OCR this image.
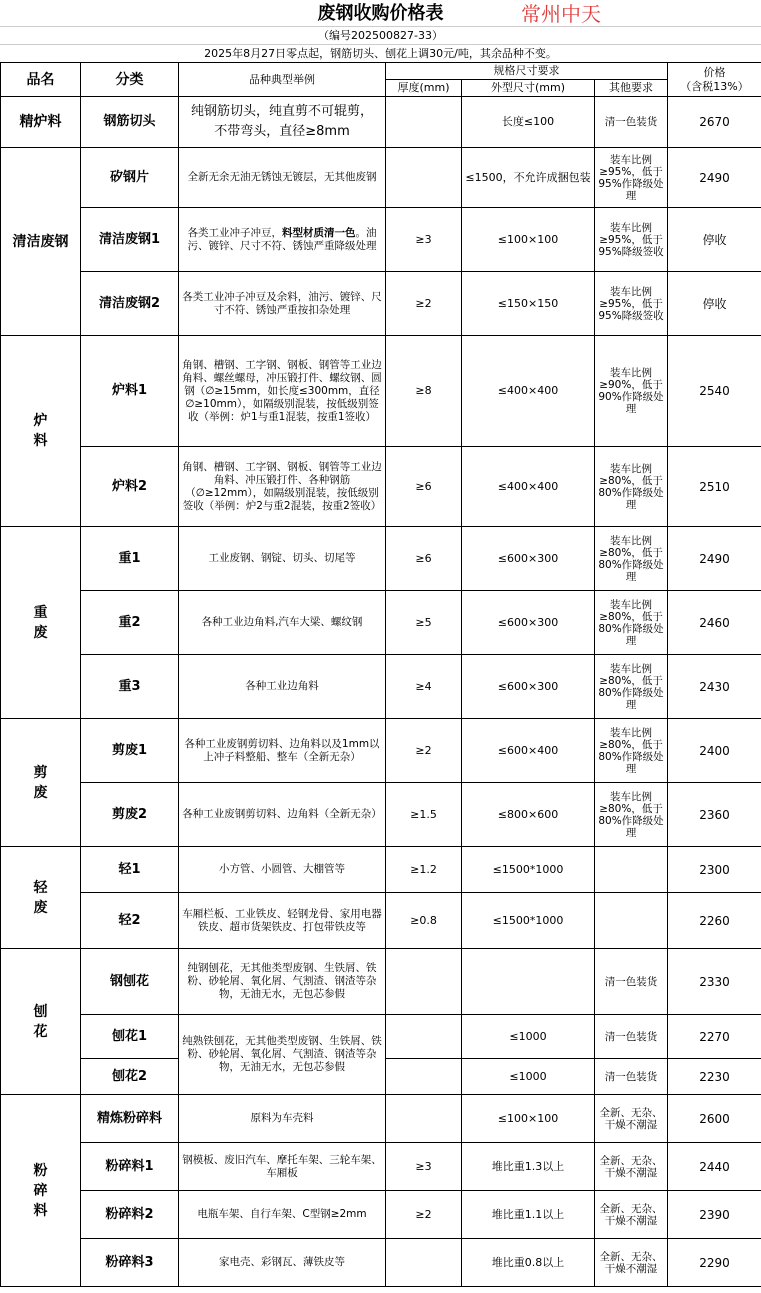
废钢收购价格表	常州中天
（编号202500827-33）
2025年8月27日零点起，钢筋切头、刨花上调30元/吨，其余品种不变。
品名	分类	品种典型举例	规格尺寸要求			价格
（含税13%）

			厚度(mm)	外型尺寸(mm)	其他要求	
精炉料	钢筋切头	纯钢筋切头，纯直剪不可辊剪，不带弯头，直径≥8mm		长度≤100	清一色装货	2670
清洁废钢	矽钢片	全新无余无油无锈蚀无镀层，无其他废钢		≤1500，不允许成捆包装	装车比例≥95%，低于95%作降级处理	2490
	清洁废钢1	各类工业冲子冲豆，料型材质清一色。油污、镀锌、尺寸不符、锈蚀严重降级处理	≥3	≤100×100	装车比例≥95%，低于95%降级签收	停收
	清洁废钢2	各类工业冲子冲豆及余料，油污、镀锌、尺寸不符、锈蚀严重按扣杂处理	≥2	≤150×150	装车比例≥95%，低于95%降级签收	停收

炉料	炉料1	角钢、槽钢、工字钢、钢板、钢管等工业边角料、螺丝螺母，冲压锻打件、螺纹钢、圆钢（∅≥15mm，如长度≤300mm，直径∅≥10mm），如隔级别混装，按低级别签收（举例：炉1与重1混装，按重1签收）	≥8	≤400×400	装车比例≥90%，低于90%作降级处理	2540
	炉料2	角钢、槽钢、工字钢、钢板、钢管等工业边角料、冲压锻打件、各种钢筋（∅≥12mm），如隔级别混装，按低级别签收（举例：炉2与重2混装，按重2签收）	≥6	≤400×400	装车比例≥80%，低于80%作降级处理	2510

重废	重1	工业废钢、钢锭、切头、切尾等	≥6	≤600×300	装车比例≥80%，低于80%作降级处理	2490
	重2	各种工业边角料,汽车大梁、螺纹钢	≥5	≤600×300	装车比例≥80%，低于80%作降级处理	2460
	重3	各种工业边角料	≥4	≤600×300	装车比例≥80%，低于80%作降级处理	2430

剪废	剪废1	各种工业废钢剪切料、边角料以及1mm以上冲子料整船、整车（全新无杂）	≥2	≤600×400	装车比例≥80%，低于80%作降级处理	2400
	剪废2	各种工业废钢剪切料、边角料（全新无杂）	≥1.5	≤800×600	装车比例≥80%，低于80%作降级处理	2360

轻废	轻1	小方管、小圆管、大棚管等	≥1.2	≤1500*1000		2300
	轻2	车厢栏板、工业铁皮、轻钢龙骨、家用电器铁皮、超市货架铁皮、打包带铁皮等	≥0.8	≤1500*1000		2260

刨花	钢刨花	纯钢刨花，无其他类型废钢、生铁屑、铁粉、砂轮屑、氧化屑、气割渣、钢渣等杂物，无油无水，无包芯参假			清一色装货	2330
	刨花1	纯熟铁刨花，无其他类型废钢、生铁屑、铁粉、砂轮屑、氧化屑、气割渣、钢渣等杂物，无油无水，无包芯参假		≤1000	清一色装货	2270
	刨花2			≤1000	清一色装货	2230

粉碎料	精炼粉碎料	原料为车壳料		≤100×100	全新、无杂、干燥不潮湿	2600
	粉碎料1	钢模板、废旧汽车、摩托车架、三轮车架、车厢板	≥3	堆比重1.3以上	全新、无杂、干燥不潮湿	2440
	粉碎料2	电瓶车架、自行车架、C型钢≥2mm	≥2	堆比重1.1以上	全新、无杂、干燥不潮湿	2390
	粉碎料3	家电壳、彩钢瓦、薄铁皮等		堆比重0.8以上	全新、无杂、干燥不潮湿	2290
